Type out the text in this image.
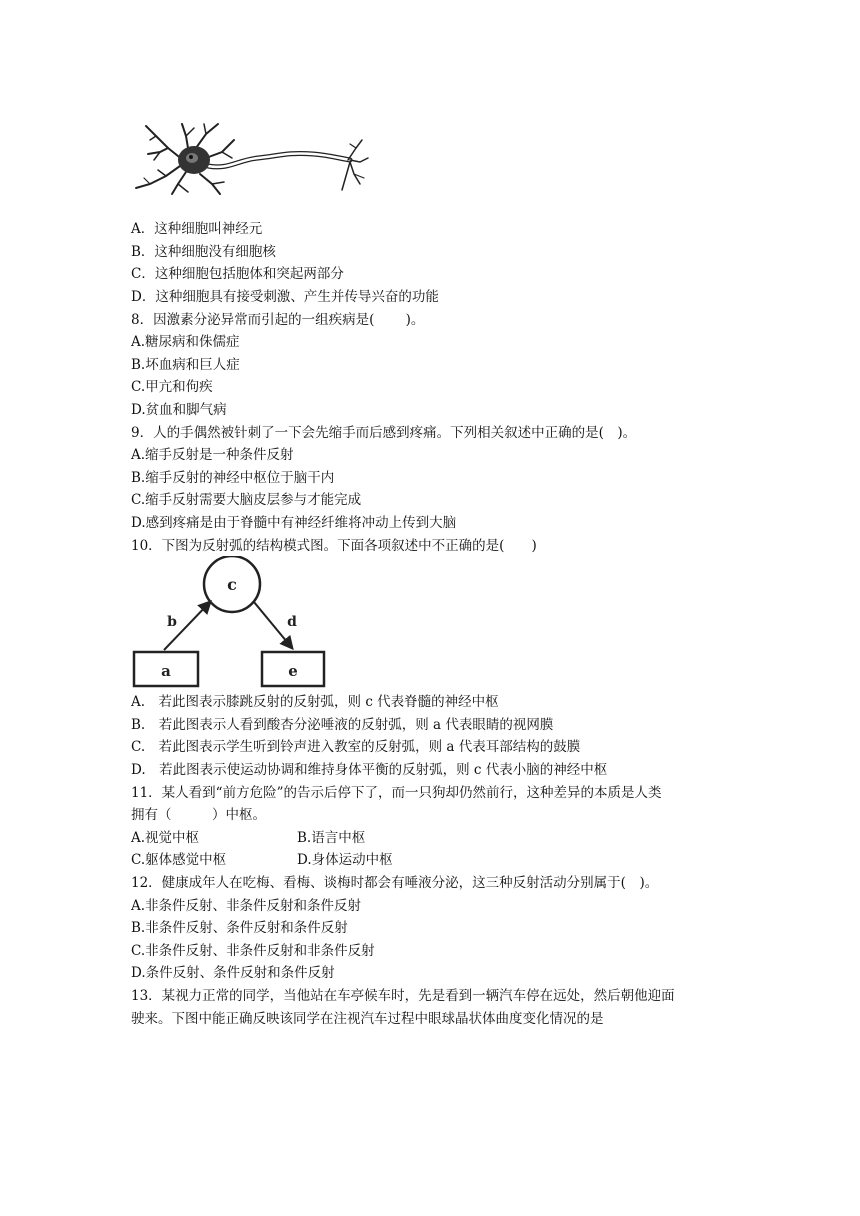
A．这种细胞叫神经元
B．这种细胞没有细胞核
C．这种细胞包括胞体和突起两部分
D．这种细胞具有接受刺激、产生并传导兴奋的功能
8．因激素分泌异常而引起的一组疾病是(　　 )。
A.糖尿病和侏儒症
B.坏血病和巨人症
C.甲亢和佝疾
D.贫血和脚气病
9．人的手偶然被针刺了一下会先缩手而后感到疼痛。下列相关叙述中正确的是(　)。
A.缩手反射是一种条件反射
B.缩手反射的神经中枢位于脑干内
C.缩手反射需要大脑皮层参与才能完成
D.感到疼痛是由于脊髓中有神经纤维将冲动上传到大脑
10．下图为反射弧的结构模式图。下面各项叙述中不正确的是(　　)
c
b	d
a	e
A.　若此图表示膝跳反射的反射弧，则 c 代表脊髓的神经中枢
B.　若此图表示人看到酸杏分泌唾液的反射弧，则 a 代表眼睛的视网膜
C.　若此图表示学生听到铃声进入教室的反射弧，则 a 代表耳部结构的鼓膜
D.　若此图表示使运动协调和维持身体平衡的反射弧，则 c 代表小脑的神经中枢
11．某人看到“前方危险”的告示后停下了，而一只狗却仍然前行，这种差异的本质是人类
拥有（　　　）中枢。
A.视觉中枢	B.语言中枢
C.躯体感觉中枢	D.身体运动中枢
12．健康成年人在吃梅、看梅、谈梅时都会有唾液分泌，这三种反射活动分别属于(　)。
A.非条件反射、非条件反射和条件反射
B.非条件反射、条件反射和条件反射
C.非条件反射、非条件反射和非条件反射
D.条件反射、条件反射和条件反射
13．某视力正常的同学，当他站在车亭候车时，先是看到一辆汽车停在远处，然后朝他迎面
驶来。下图中能正确反映该同学在注视汽车过程中眼球晶状体曲度变化情况的是
